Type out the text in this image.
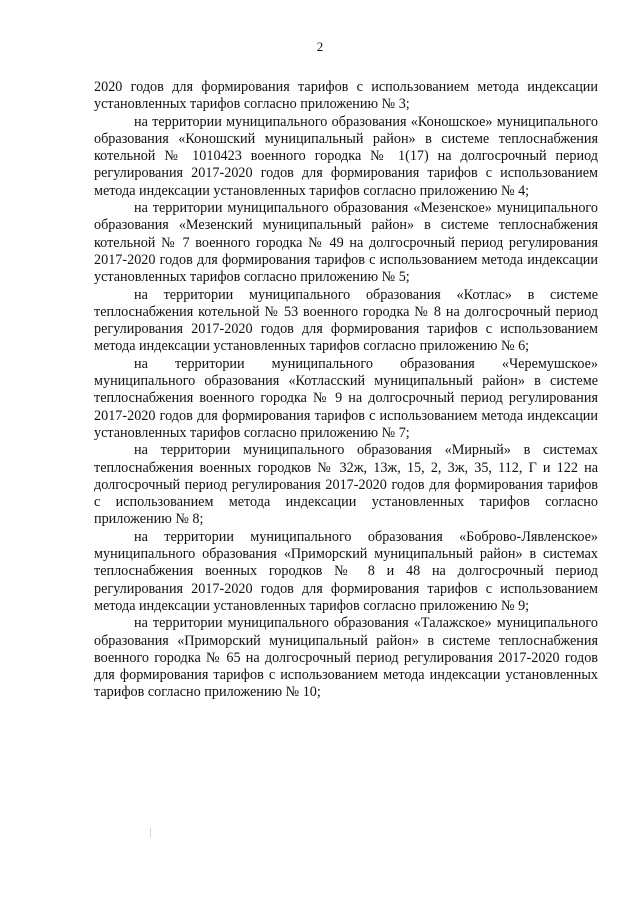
2

2020 годов для формирования тарифов с использованием метода индексации установленных тарифов согласно приложению № 3;

на территории муниципального образования «Коношское» муниципального образования «Коношский муниципальный район» в системе теплоснабжения котельной № 1010423 военного городка № 1(17) на долгосрочный период регулирования 2017-2020 годов для формирования тарифов с использованием метода индексации установленных тарифов согласно приложению № 4;

на территории муниципального образования «Мезенское» муниципального образования «Мезенский муниципальный район» в системе теплоснабжения котельной № 7 военного городка № 49 на долгосрочный период регулирования 2017-2020 годов для формирования тарифов с использованием метода индексации установленных тарифов согласно приложению № 5;

на территории муниципального образования «Котлас» в системе теплоснабжения котельной № 53 военного городка № 8 на долгосрочный период регулирования 2017-2020 годов для формирования тарифов с использованием метода индексации установленных тарифов согласно приложению № 6;

на территории муниципального образования «Черемушское» муниципального образования «Котласский муниципальный район» в системе теплоснабжения военного городка № 9 на долгосрочный период регулирования 2017-2020 годов для формирования тарифов с использованием метода индексации установленных тарифов согласно приложению № 7;

на территории муниципального образования «Мирный» в системах теплоснабжения военных городков № 32ж, 13ж, 15, 2, 3ж, 35, 112, Г и 122 на долгосрочный период регулирования 2017-2020 годов для формирования тарифов с использованием метода индексации установленных тарифов согласно приложению № 8;

на территории муниципального образования «Боброво-Лявленское» муниципального образования «Приморский муниципальный район» в системах теплоснабжения военных городков № 8 и 48 на долгосрочный период регулирования 2017-2020 годов для формирования тарифов с использованием метода индексации установленных тарифов согласно приложению № 9;

на территории муниципального образования «Талажское» муниципального образования «Приморский муниципальный район» в системе теплоснабжения военного городка № 65 на долгосрочный период регулирования 2017-2020 годов для формирования тарифов с использованием метода индексации установленных тарифов согласно приложению № 10;
